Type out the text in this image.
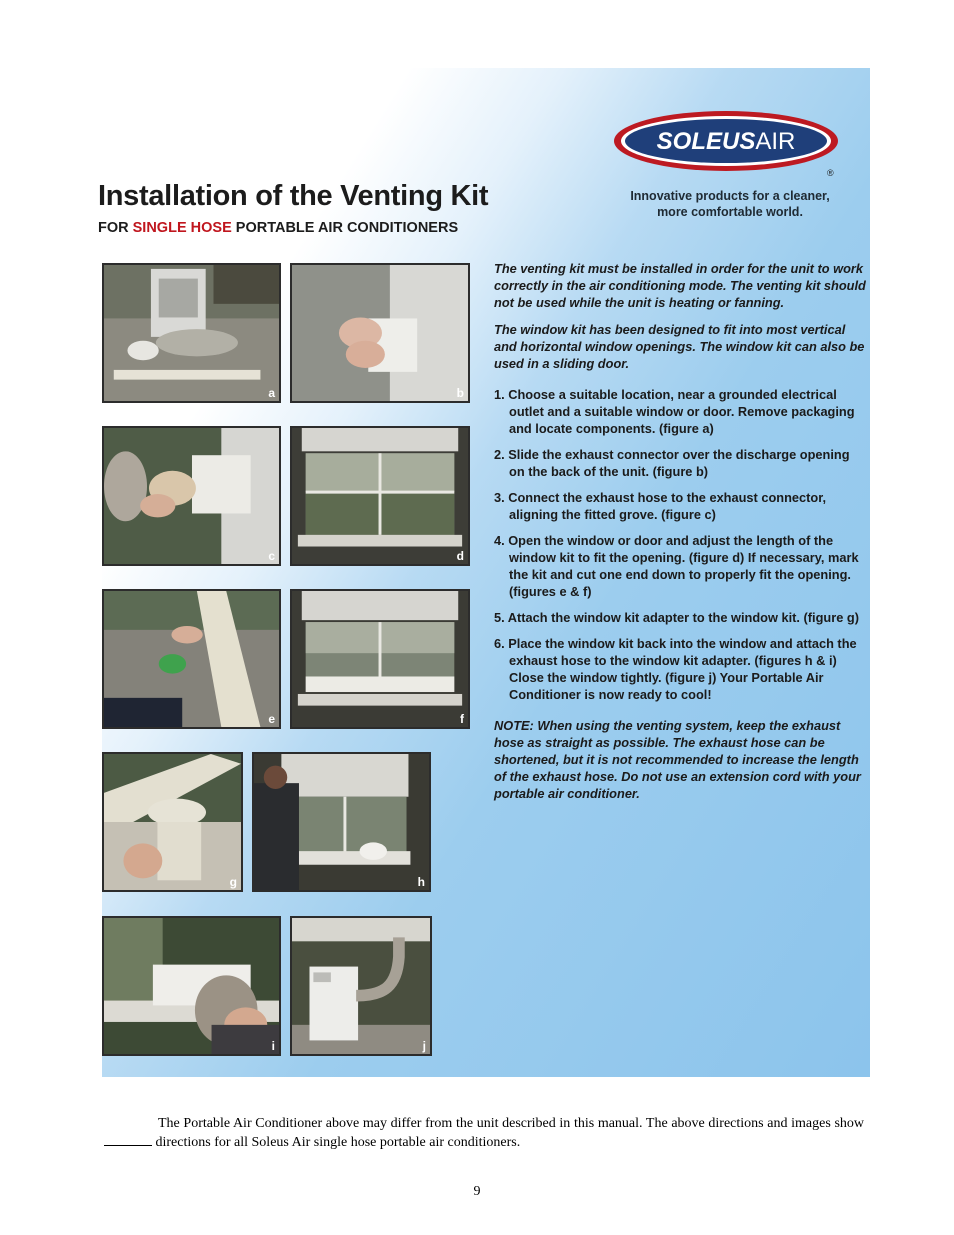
SOLEUSAIR
®
Innovative products for a cleaner,
more comfortable world.
Installation of the Venting Kit

FOR SINGLE HOSE PORTABLE AIR CONDITIONERS

a	b
c	d
e	f
g	h
i	j

The venting kit must be installed in order for the unit to work correctly in the air conditioning mode. The venting kit should not be used while the unit is heating or fanning.

The window kit has been designed to fit into most vertical and horizontal window openings. The window kit can also be used in a sliding door.

1. Choose a suitable location, near a grounded electrical outlet and a suitable window or door. Remove packaging and locate components. (figure a)
2. Slide the exhaust connector over the discharge opening on the back of the unit. (figure b)
3. Connect the exhaust hose to the exhaust connector, aligning the fitted grove. (figure c)
4. Open the window or door and adjust the length of the window kit to fit the opening. (figure d) If necessary, mark the kit and cut one end down to properly fit the opening. (figures e & f)
5. Attach the window kit adapter to the window kit. (figure g)
6. Place the window kit back into the window and attach the exhaust hose to the window kit adapter. (figures h & i) Close the window tightly. (figure j) Your Portable Air Conditioner is now ready to cool!

NOTE: When using the venting system, keep the exhaust hose as straight as possible. The exhaust hose can be shortened, but it is not recommended to increase the length of the exhaust hose. Do not use an extension cord with your portable air conditioner.

The Portable Air Conditioner above may differ from the unit described in this manual. The above directions and images show  directions for all Soleus Air single hose portable air conditioners.

9
